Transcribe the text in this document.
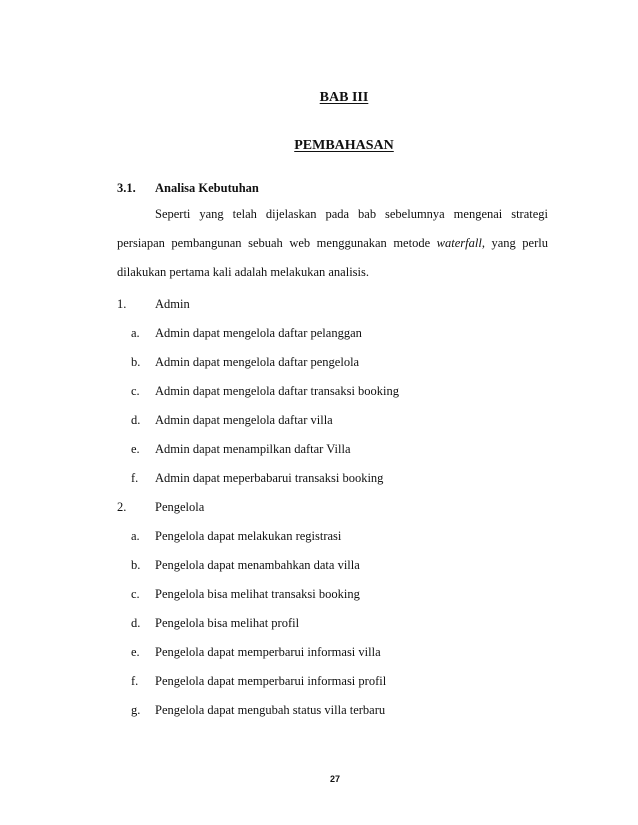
BAB III
PEMBAHASAN
3.1. Analisa Kebutuhan
Seperti yang telah dijelaskan pada bab sebelumnya mengenai strategi persiapan pembangunan sebuah web menggunakan metode waterfall, yang perlu dilakukan pertama kali adalah melakukan analisis.
1. Admin
a. Admin dapat mengelola daftar pelanggan
b. Admin dapat mengelola daftar pengelola
c. Admin dapat mengelola daftar transaksi booking
d. Admin dapat mengelola daftar villa
e. Admin dapat menampilkan daftar Villa
f. Admin dapat meperbabarui transaksi booking
2. Pengelola
a. Pengelola dapat melakukan registrasi
b. Pengelola dapat menambahkan data villa
c. Pengelola bisa melihat transaksi booking
d. Pengelola bisa melihat profil
e. Pengelola dapat memperbarui informasi villa
f. Pengelola dapat memperbarui informasi profil
g. Pengelola dapat mengubah status villa terbaru
27
